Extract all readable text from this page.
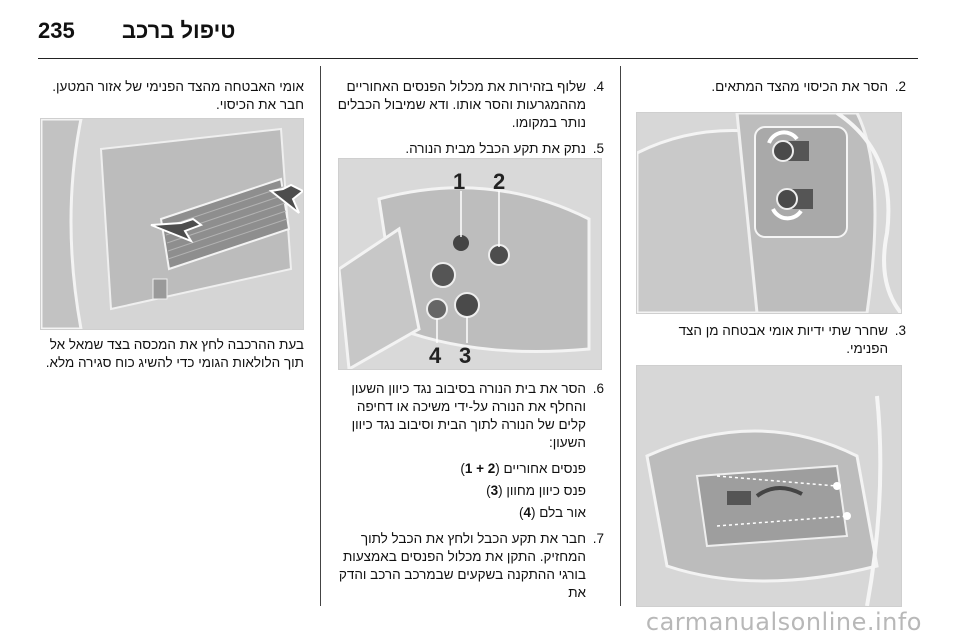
235 טיפול ברכב
2.
הסר את הכיסוי מהצד המתאים.
3.
שחרר שתי ידיות אומי אבטחה מן הצד הפנימי.
4.
שלוף בזהירות את מכלול הפנסים האחוריים מההמגרעות והסר אותו. ודא שמיבול הכבלים נותר במקומו.
5.
נתק את תקע הכבל מבית הנורה.
1 2
4 3
6.
הסר את בית הנורה בסיבוב נגד כיוון השעון והחלף את הנורה על-ידי משיכה או דחיפה קלים של הנורה לתוך הבית וסיבוב נגד כיוון השעון:
פנסים אחוריים (2 + 1)
פנס כיוון מחוון (3)
אור בלם (4)
7.
חבר את תקע הכבל ולחץ את הכבל לתוך המחזיק. התקן את מכלול הפנסים באמצעות בורגי ההתקנה בשקעים שבמרכב הרכב והדק את
אומי האבטחה מהצד הפנימי של אזור המטען. חבר את הכיסוי.
בעת ההרכבה לחץ את המכסה בצד שמאל אל תוך הלולאות הגומי כדי להשיג כוח סגירה מלא.
carmanualsonline.info
